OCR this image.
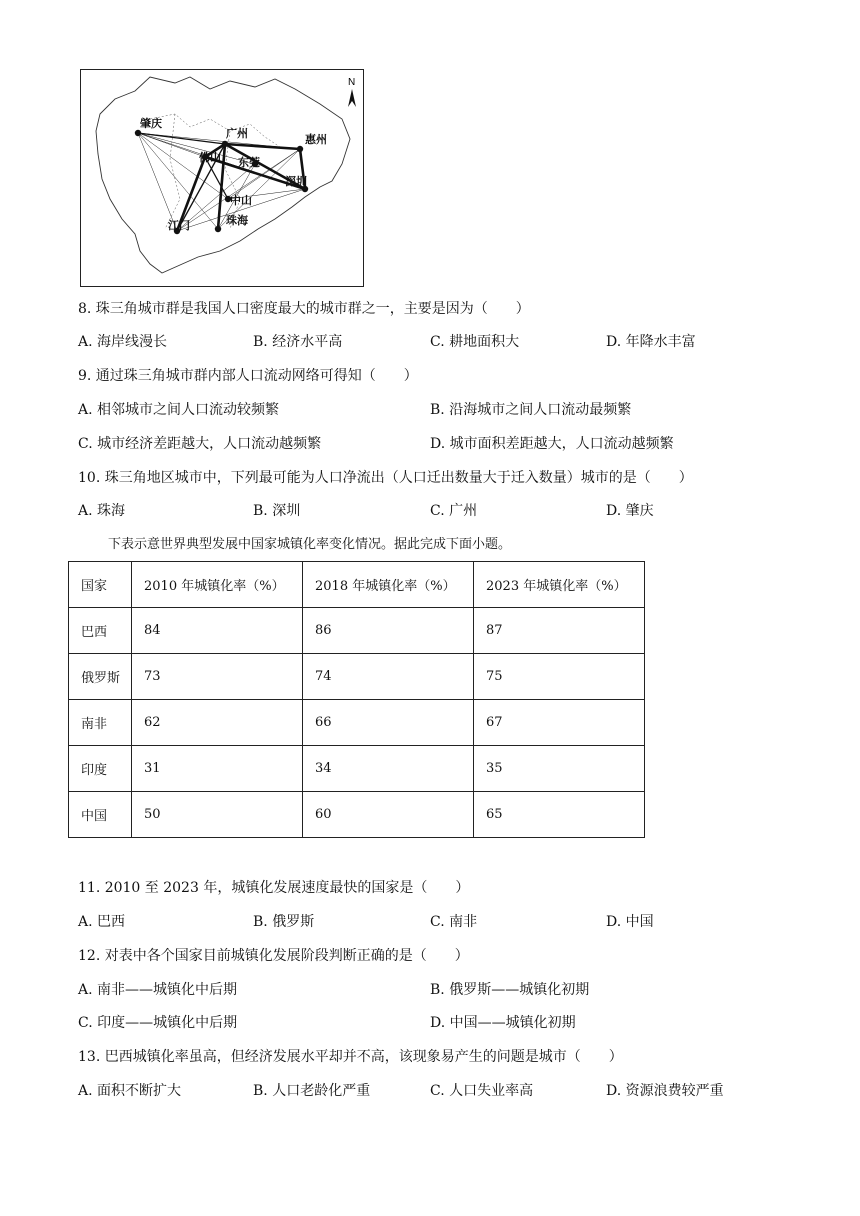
N
肇庆
广州	惠州
佛山 东莞
深圳
中山
珠海
江门
8. 珠三角城市群是我国人口密度最大的城市群之一，主要是因为（　　）
A. 海岸线漫长	B. 经济水平高	C. 耕地面积大	D. 年降水丰富
9. 通过珠三角城市群内部人口流动网络可得知（　　）
A. 相邻城市之间人口流动较频繁	B. 沿海城市之间人口流动最频繁
C. 城市经济差距越大，人口流动越频繁	D. 城市面积差距越大，人口流动越频繁
10. 珠三角地区城市中，下列最可能为人口净流出（人口迁出数量大于迁入数量）城市的是（　　）
A. 珠海	B. 深圳	C. 广州	D. 肇庆
下表示意世界典型发展中国家城镇化率变化情况。据此完成下面小题。
国家	2010 年城镇化率（%）	2018 年城镇化率（%）	2023 年城镇化率（%）
巴西	84	86	87
俄罗斯	73	74	75
南非	62	66	67
印度	31	34	35
中国	50	60	65
11. 2010 至 2023 年，城镇化发展速度最快的国家是（　　）
A. 巴西	B. 俄罗斯	C. 南非	D. 中国
12. 对表中各个国家目前城镇化发展阶段判断正确的是（　　）
A. 南非——城镇化中后期	B. 俄罗斯——城镇化初期
C. 印度——城镇化中后期	D. 中国——城镇化初期
13. 巴西城镇化率虽高，但经济发展水平却并不高，该现象易产生的问题是城市（　　）
A. 面积不断扩大	B. 人口老龄化严重	C. 人口失业率高	D. 资源浪费较严重
